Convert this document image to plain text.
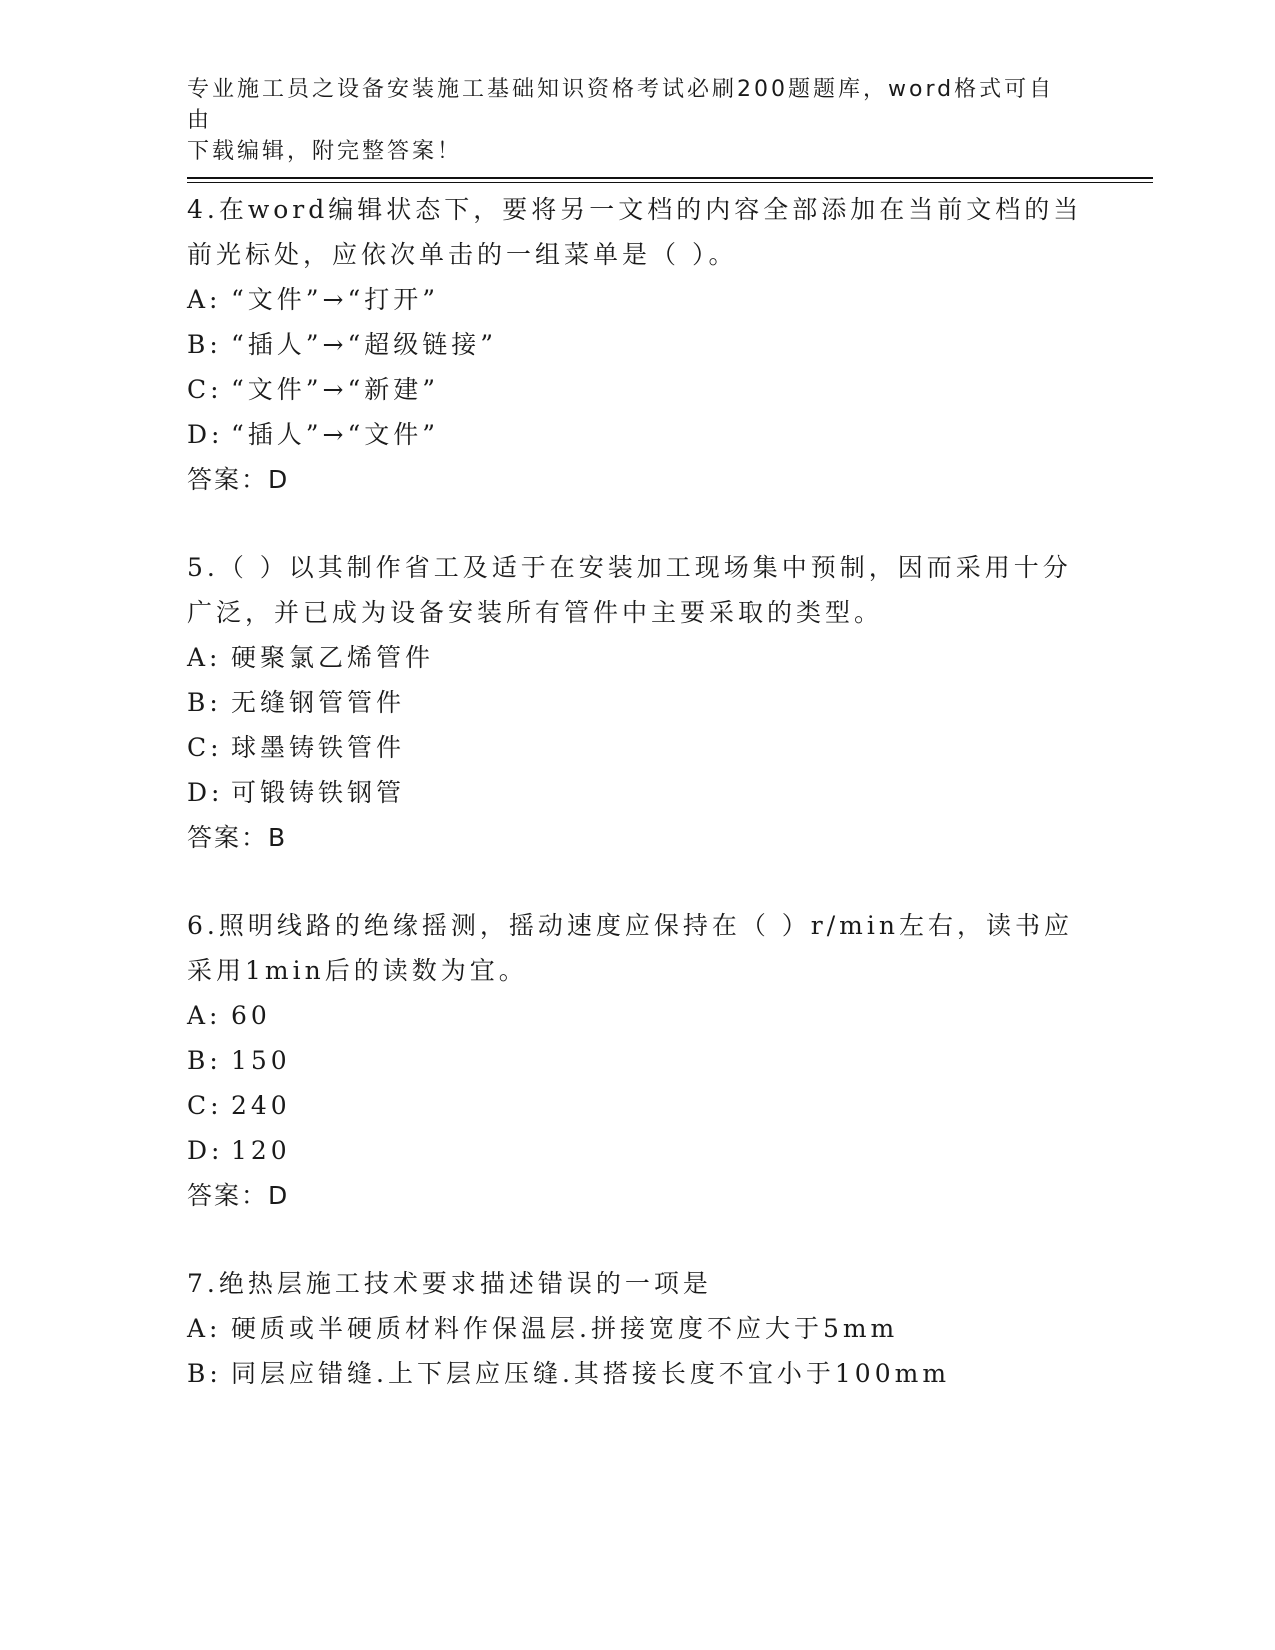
专业施工员之设备安装施工基础知识资格考试必刷200题题库，word格式可自由
下载编辑，附完整答案！

4.在word编辑状态下，要将另一文档的内容全部添加在当前文档的当
前光标处，应依次单击的一组菜单是（ ）。

A: “文件”→“打开”

B: “插人”→“超级链接”

C: “文件”→“新建”

D: “插人”→“文件”

答案：D

5.（ ）以其制作省工及适于在安装加工现场集中预制，因而采用十分
广泛，并已成为设备安装所有管件中主要采取的类型。

A: 硬聚氯乙烯管件

B: 无缝钢管管件

C: 球墨铸铁管件

D: 可锻铸铁钢管

答案：B

6.照明线路的绝缘摇测，摇动速度应保持在（ ）r/min左右，读书应
采用1min后的读数为宜。

A: 60

B: 150

C: 240

D: 120

答案：D

7.绝热层施工技术要求描述错误的一项是

A: 硬质或半硬质材料作保温层.拼接宽度不应大于5mm

B: 同层应错缝.上下层应压缝.其搭接长度不宜小于100mm
